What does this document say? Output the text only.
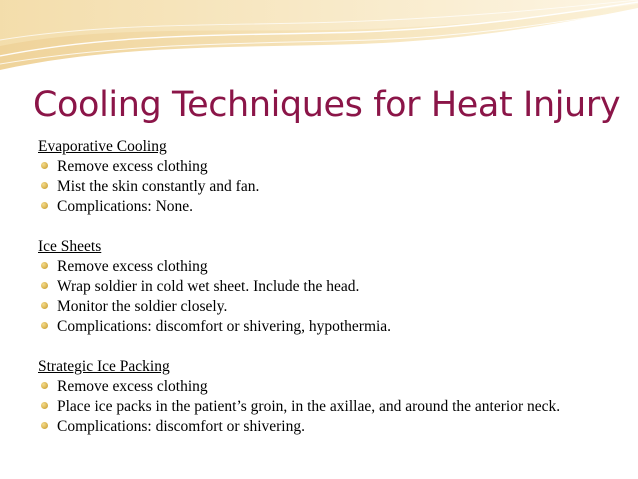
Cooling Techniques for Heat Injury
Evaporative Cooling
Remove excess clothing
Mist the skin constantly and fan.
Complications: None.
Ice Sheets
Remove excess clothing
Wrap soldier in cold wet sheet. Include the head.
Monitor the soldier closely.
Complications: discomfort or shivering, hypothermia.
Strategic Ice Packing
Remove excess clothing
Place ice packs in the patient’s groin, in the axillae, and around the anterior neck.
Complications: discomfort or shivering.
